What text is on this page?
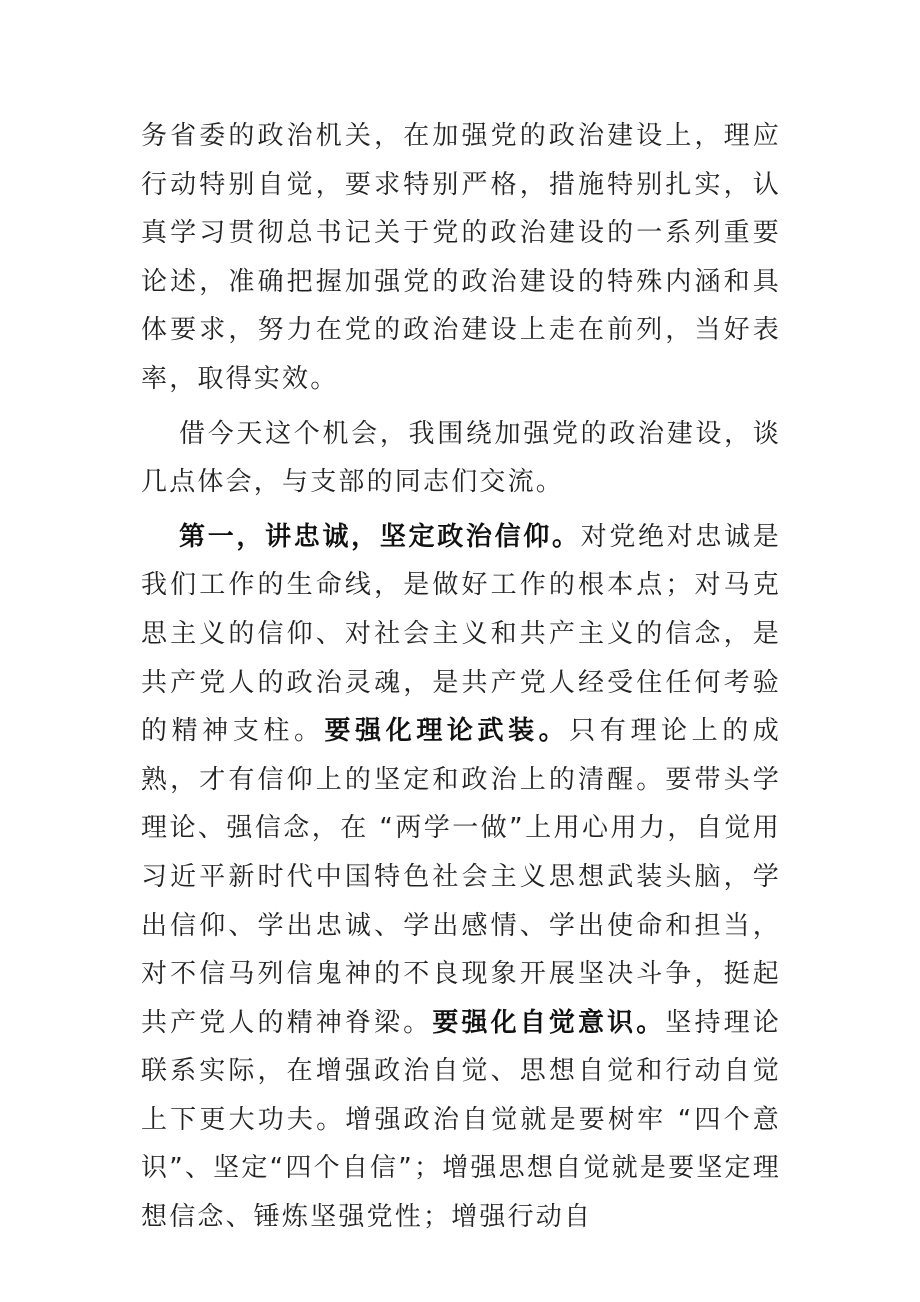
务省委的政治机关，在加强党的政治建设上，理应行动特别自觉，要求特别严格，措施特别扎实，认真学习贯彻总书记关于党的政治建设的一系列重要论述，准确把握加强党的政治建设的特殊内涵和具体要求，努力在党的政治建设上走在前列，当好表率，取得实效。

借今天这个机会，我围绕加强党的政治建设，谈几点体会，与支部的同志们交流。

第一，讲忠诚，坚定政治信仰。对党绝对忠诚是我们工作的生命线，是做好工作的根本点；对马克思主义的信仰、对社会主义和共产主义的信念，是共产党人的政治灵魂，是共产党人经受住任何考验的精神支柱。要强化理论武装。只有理论上的成熟，才有信仰上的坚定和政治上的清醒。要带头学理论、强信念，在 “两学一做”上用心用力，自觉用习近平新时代中国特色社会主义思想武装头脑，学出信仰、学出忠诚、学出感情、学出使命和担当，对不信马列信鬼神的不良现象开展坚决斗争，挺起共产党人的精神脊梁。要强化自觉意识。坚持理论联系实际，在增强政治自觉、思想自觉和行动自觉上下更大功夫。增强政治自觉就是要树牢 “四个意识”、坚定“四个自信”；增强思想自觉就是要坚定理想信念、锤炼坚强党性；增强行动自
